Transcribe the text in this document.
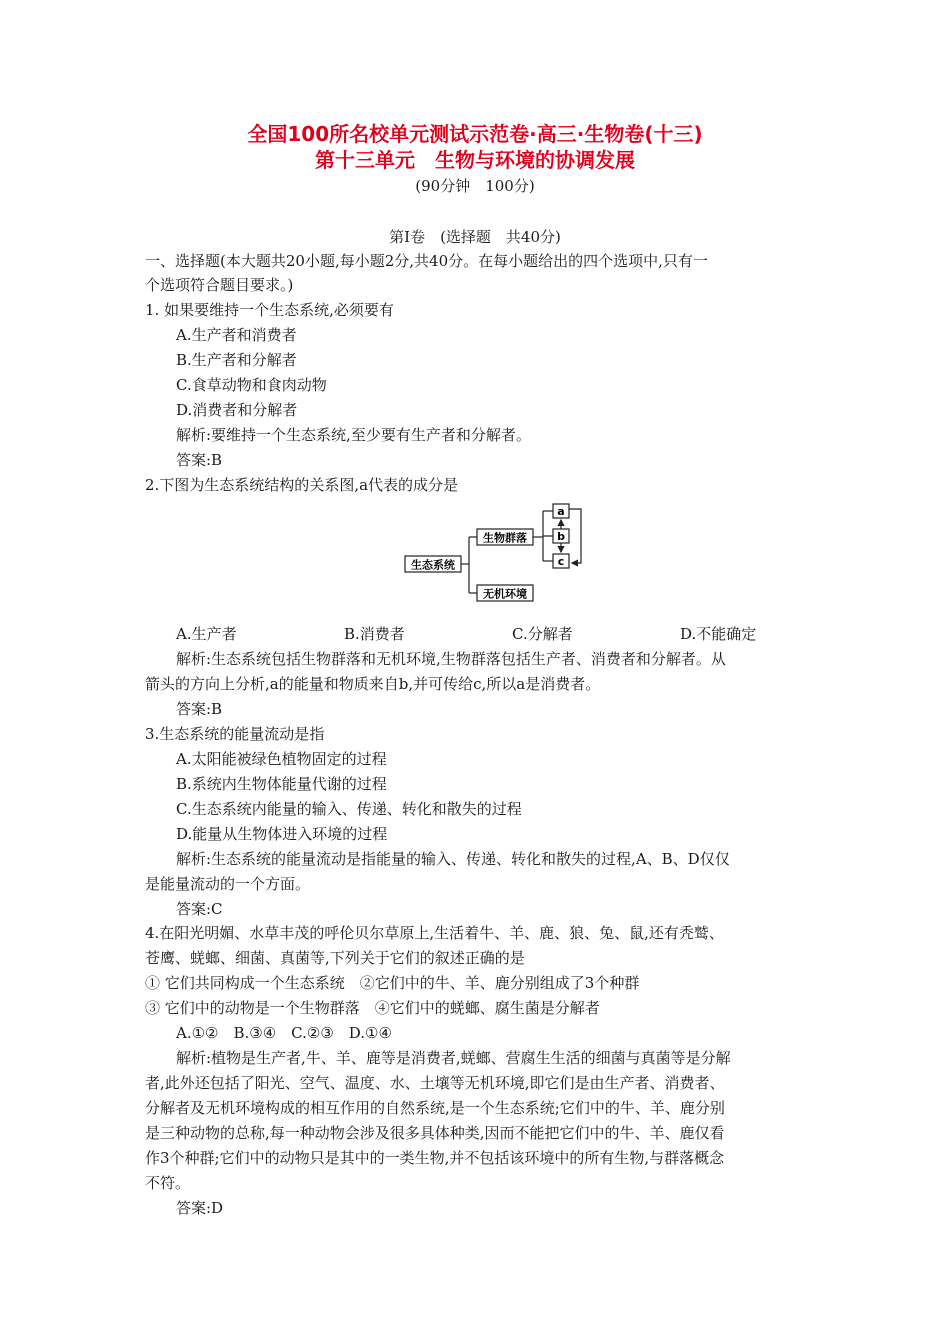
全国100所名校单元测试示范卷·高三·生物卷(十三)
第十三单元　生物与环境的协调发展
(90分钟　100分)
第Ⅰ卷　(选择题　共40分)
一、选择题(本大题共20小题,每小题2分,共40分。在每小题给出的四个选项中,只有一
个选项符合题目要求。)
1. 如果要维持一个生态系统,必须要有
A.生产者和消费者
B.生产者和分解者
C.食草动物和食肉动物
D.消费者和分解者
解析:要维持一个生态系统,至少要有生产者和分解者。
答案:B
2.下图为生态系统结构的关系图,a代表的成分是
生态系统
生物群落
无机环境
a
b
c
A.生产者	B.消费者	C.分解者	D.不能确定
解析:生态系统包括生物群落和无机环境,生物群落包括生产者、消费者和分解者。从
箭头的方向上分析,a的能量和物质来自b,并可传给c,所以a是消费者。
答案:B
3.生态系统的能量流动是指
A.太阳能被绿色植物固定的过程
B.系统内生物体能量代谢的过程
C.生态系统内能量的输入、传递、转化和散失的过程
D.能量从生物体进入环境的过程
解析:生态系统的能量流动是指能量的输入、传递、转化和散失的过程,A、B、D仅仅
是能量流动的一个方面。
答案:C
4.在阳光明媚、水草丰茂的呼伦贝尔草原上,生活着牛、羊、鹿、狼、兔、鼠,还有秃鹫、
苍鹰、蜣螂、细菌、真菌等,下列关于它们的叙述正确的是
① 它们共同构成一个生态系统　②它们中的牛、羊、鹿分别组成了3个种群
③ 它们中的动物是一个生物群落　④它们中的蜣螂、腐生菌是分解者
A.①②　B.③④　C.②③　D.①④
解析:植物是生产者,牛、羊、鹿等是消费者,蜣螂、营腐生生活的细菌与真菌等是分解
者,此外还包括了阳光、空气、温度、水、土壤等无机环境,即它们是由生产者、消费者、
分解者及无机环境构成的相互作用的自然系统,是一个生态系统;它们中的牛、羊、鹿分别
是三种动物的总称,每一种动物会涉及很多具体种类,因而不能把它们中的牛、羊、鹿仅看
作3个种群;它们中的动物只是其中的一类生物,并不包括该环境中的所有生物,与群落概念
不符。
答案:D
